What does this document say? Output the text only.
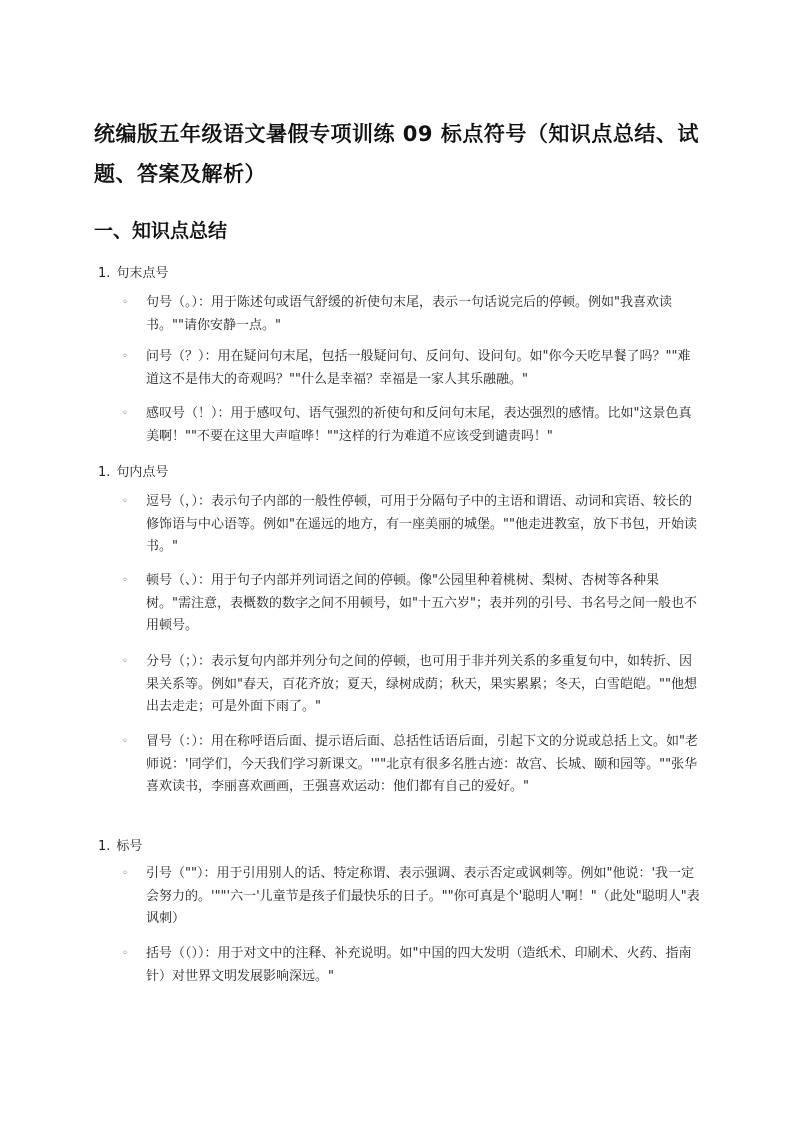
统编版五年级语文暑假专项训练 09 标点符号（知识点总结、试题、答案及解析）
一、知识点总结
1. 句末点号
◦ 句号（。）：用于陈述句或语气舒缓的祈使句末尾，表示一句话说完后的停顿。例如"我喜欢读书。""请你安静一点。"
◦ 问号（？）：用在疑问句末尾，包括一般疑问句、反问句、设问句。如"你今天吃早餐了吗？""难道这不是伟大的奇观吗？""什么是幸福？幸福是一家人其乐融融。"
◦ 感叹号（！）：用于感叹句、语气强烈的祈使句和反问句末尾，表达强烈的感情。比如"这景色真美啊！""不要在这里大声喧哗！""这样的行为难道不应该受到谴责吗！"
1. 句内点号
◦ 逗号（，）：表示句子内部的一般性停顿，可用于分隔句子中的主语和谓语、动词和宾语、较长的修饰语与中心语等。例如"在遥远的地方，有一座美丽的城堡。""他走进教室，放下书包，开始读书。"
◦ 顿号（、）：用于句子内部并列词语之间的停顿。像"公园里种着桃树、梨树、杏树等各种果树。"需注意，表概数的数字之间不用顿号，如"十五六岁"；表并列的引号、书名号之间一般也不用顿号。
◦ 分号（；）：表示复句内部并列分句之间的停顿，也可用于非并列关系的多重复句中，如转折、因果关系等。例如"春天，百花齐放；夏天，绿树成荫；秋天，果实累累；冬天，白雪皑皑。""他想出去走走；可是外面下雨了。"
◦ 冒号（：）：用在称呼语后面、提示语后面、总括性话语后面，引起下文的分说或总括上文。如"老师说：'同学们，今天我们学习新课文。'""北京有很多名胜古迹：故宫、长城、颐和园等。""张华喜欢读书，李丽喜欢画画，王强喜欢运动：他们都有自己的爱好。"
1. 标号
◦ 引号（""）：用于引用别人的话、特定称谓、表示强调、表示否定或讽刺等。例如"他说：'我一定会努力的。'""'六一'儿童节是孩子们最快乐的日子。""你可真是个'聪明人'啊！"（此处"聪明人"表讽刺）
◦ 括号（（））：用于对文中的注释、补充说明。如"中国的四大发明（造纸术、印刷术、火药、指南针）对世界文明发展影响深远。"
